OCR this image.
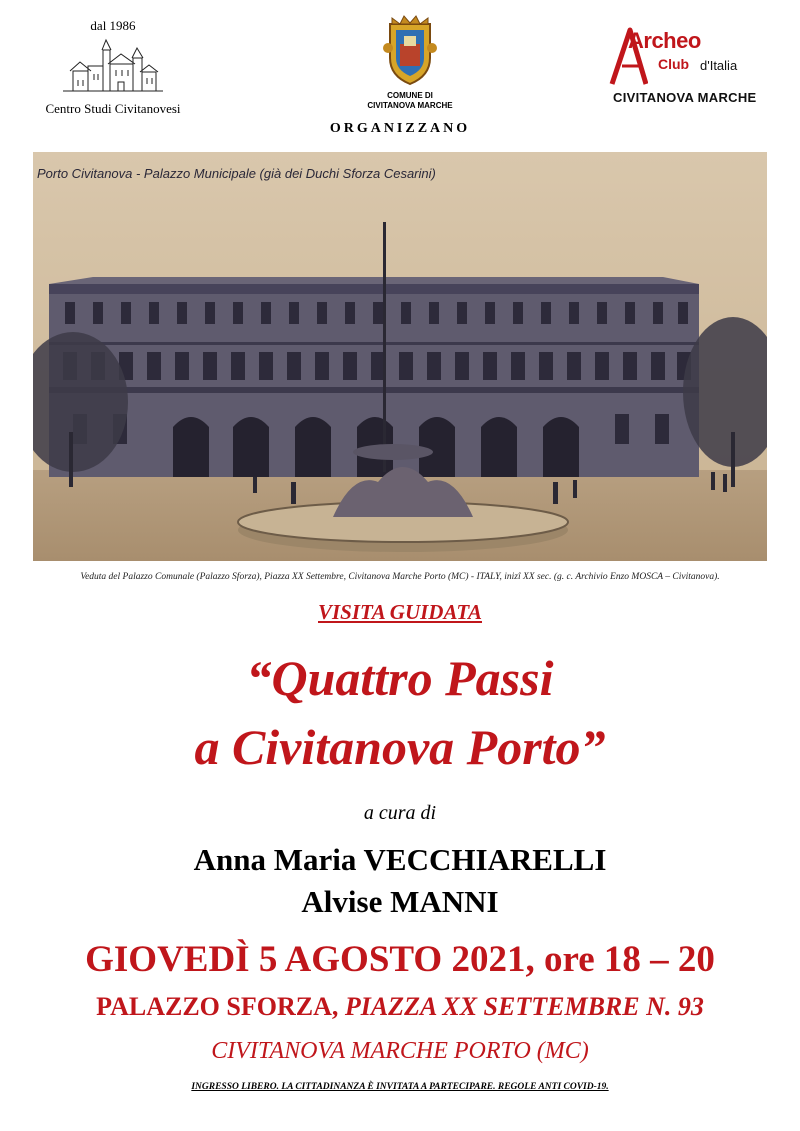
dal 1986
Centro Studi Civitanovesi
COMUNE DI
CIVITANOVA MARCHE
Archeo
Club d'Italia
CIVITANOVA MARCHE
ORGANIZZANO
Porto Civitanova - Palazzo Municipale (già dei Duchi Sforza Cesarini)
Veduta del Palazzo Comunale (Palazzo Sforza), Piazza XX Settembre, Civitanova Marche Porto (MC) - ITALY, inizî XX sec. (g. c. Archivio Enzo MOSCA – Civitanova).
VISITA GUIDATA
“Quattro Passi
a Civitanova Porto”
a cura di
Anna Maria VECCHIARELLI
Alvise MANNI
GIOVEDÌ 5 AGOSTO 2021, ore 18 – 20
PALAZZO SFORZA, PIAZZA XX SETTEMBRE N. 93
CIVITANOVA MARCHE PORTO (MC)
INGRESSO LIBERO. LA CITTADINANZA È INVITATA A PARTECIPARE. REGOLE ANTI COVID-19.
